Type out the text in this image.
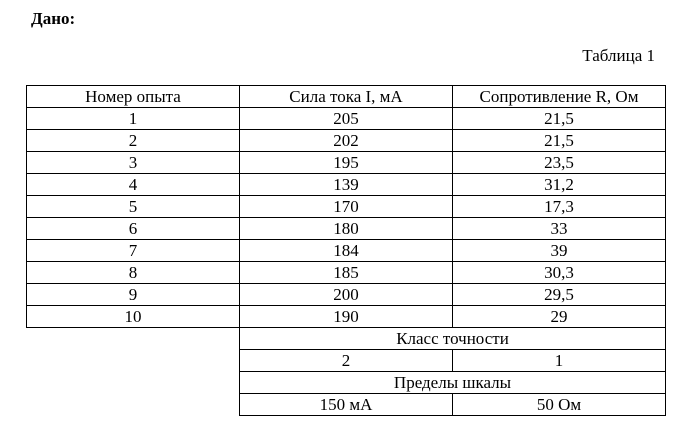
Дано:
Таблица 1
Номер опыта	Сила тока I, мА	Сопротивление R, Ом
1	205	21,5
2	202	21,5
3	195	23,5
4	139	31,2
5	170	17,3
6	180	33
7	184	39
8	185	30,3
9	200	29,5
10	190	29
	Класс точности	
	2	1
	Пределы шкалы	
	150 мА	50 Ом
